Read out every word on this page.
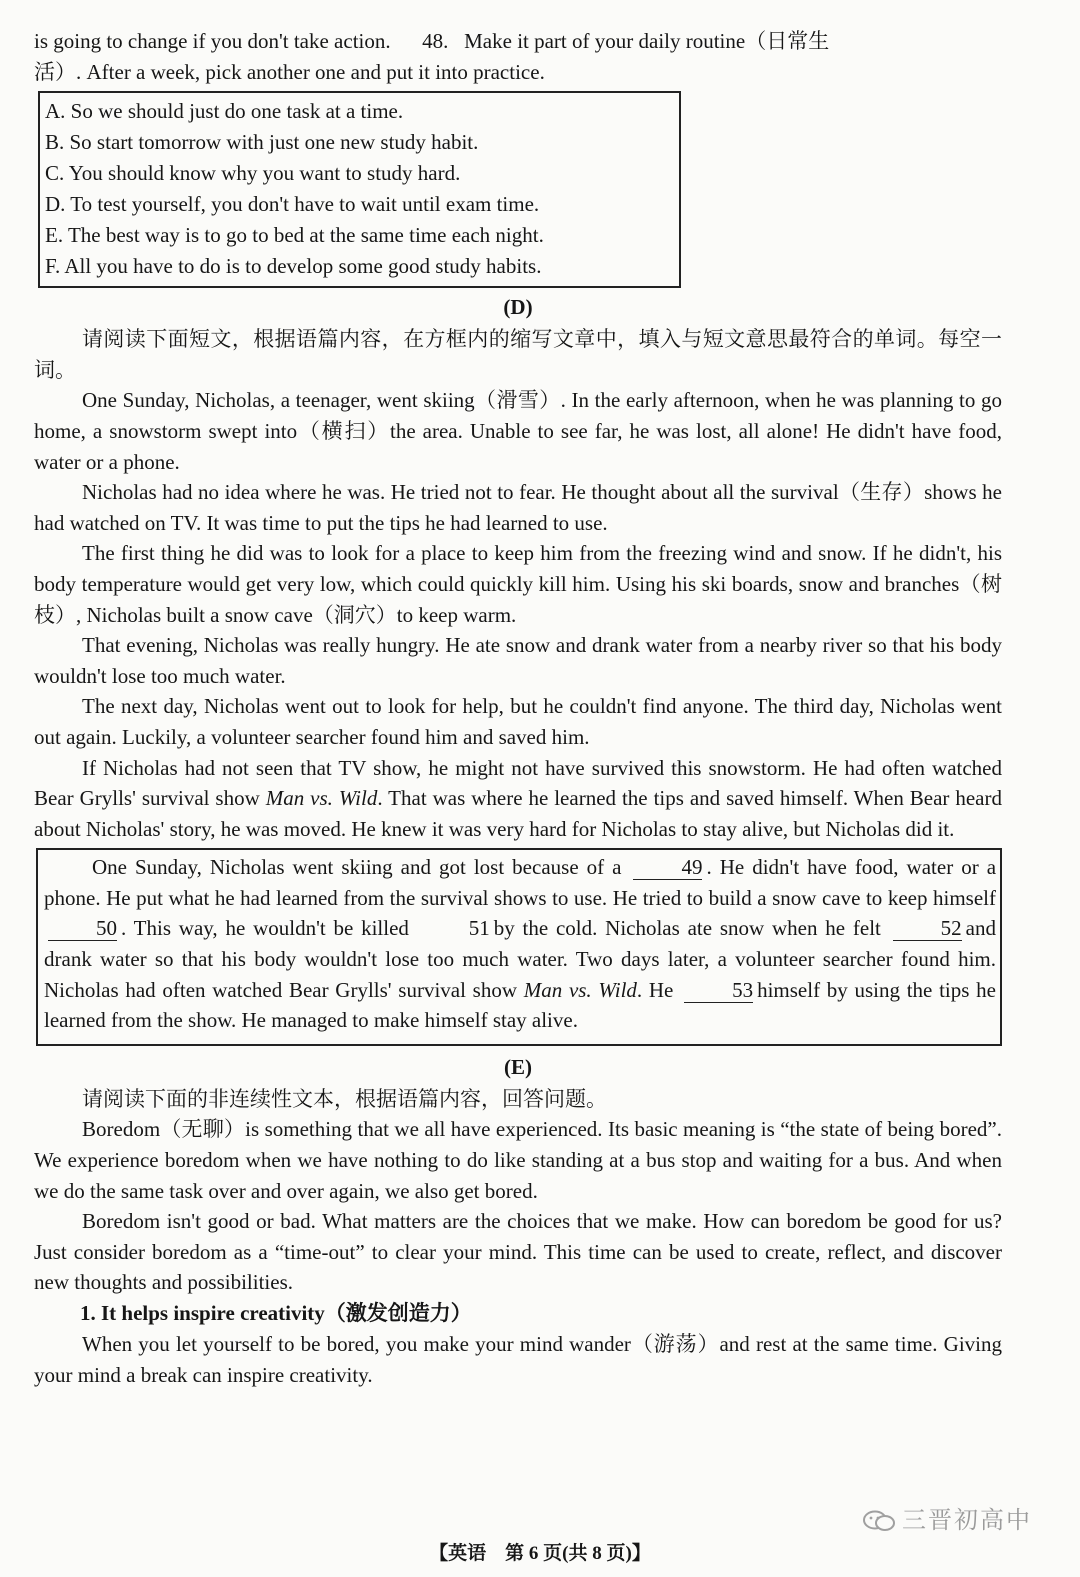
is going to change if you don't take action. 48. Make it part of your daily routine（日常生

活）. After a week, pick another one and put it into practice.

A. So we should just do one task at a time.
B. So start tomorrow with just one new study habit.
C. You should know why you want to study hard.
D. To test yourself, you don't have to wait until exam time.
E. The best way is to go to bed at the same time each night.
F. All you have to do is to develop some good study habits.
(D)

请阅读下面短文，根据语篇内容，在方框内的缩写文章中，填入与短文意思最符合的单词。每空一词。

One Sunday, Nicholas, a teenager, went skiing（滑雪）. In the early afternoon, when he was planning to go home, a snowstorm swept into（横扫）the area. Unable to see far, he was lost, all alone! He didn't have food, water or a phone.

Nicholas had no idea where he was. He tried not to fear. He thought about all the survival（生存）shows he had watched on TV. It was time to put the tips he had learned to use.

The first thing he did was to look for a place to keep him from the freezing wind and snow. If he didn't, his body temperature would get very low, which could quickly kill him. Using his ski boards, snow and branches（树枝）, Nicholas built a snow cave（洞穴）to keep warm.

That evening, Nicholas was really hungry. He ate snow and drank water from a nearby river so that his body wouldn't lose too much water.

The next day, Nicholas went out to look for help, but he couldn't find anyone. The third day, Nicholas went out again. Luckily, a volunteer searcher found him and saved him.

If Nicholas had not seen that TV show, he might not have survived this snowstorm. He had often watched Bear Grylls' survival show Man vs. Wild. That was where he learned the tips and saved himself. When Bear heard about Nicholas' story, he was moved. He knew it was very hard for Nicholas to stay alive, but Nicholas did it.

One Sunday, Nicholas went skiing and got lost because of a	49 . He didn't have food, water or a phone. He put what he had learned from the survival shows to use. He tried to build a snow cave to keep himself 50 . This way, he wouldn't be killed	51 by the cold. Nicholas ate snow when he felt	52 and drank water so that his body wouldn't lose too much water. Two days later, a volunteer searcher found him. Nicholas had often watched Bear Grylls' survival show Man vs. Wild. He	53 himself by using the tips he learned from the show. He managed to make himself stay alive.

(E)

请阅读下面的非连续性文本，根据语篇内容，回答问题。

Boredom（无聊）is something that we all have experienced. Its basic meaning is “the state of being bored”. We experience boredom when we have nothing to do like standing at a bus stop and waiting for a bus. And when we do the same task over and over again, we also get bored.

Boredom isn't good or bad. What matters are the choices that we make. How can boredom be good for us? Just consider boredom as a “time-out” to clear your mind. This time can be used to create, reflect, and discover new thoughts and possibilities.

1. It helps inspire creativity（激发创造力）

When you let yourself to be bored, you make your mind wander（游荡）and rest at the same time. Giving your mind a break can inspire creativity.

三晋初高中
【英语　第 6 页(共 8 页)】
